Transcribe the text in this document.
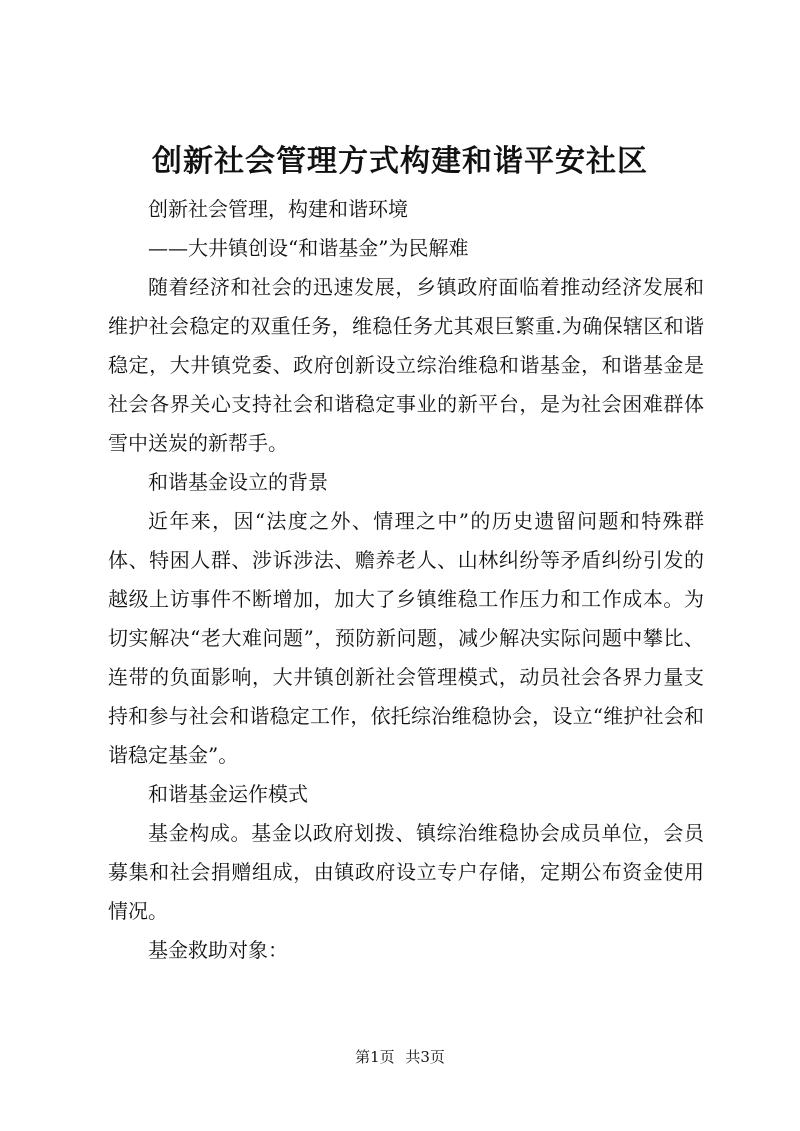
创新社会管理方式构建和谐平安社区

创新社会管理，构建和谐环境

——大井镇创设“和谐基金”为民解难

随着经济和社会的迅速发展，乡镇政府面临着推动经济发展和维护社会稳定的双重任务，维稳任务尤其艰巨繁重.为确保辖区和谐稳定，大井镇党委、政府创新设立综治维稳和谐基金，和谐基金是社会各界关心支持社会和谐稳定事业的新平台，是为社会困难群体雪中送炭的新帮手。

和谐基金设立的背景

近年来，因“法度之外、情理之中”的历史遗留问题和特殊群体、特困人群、涉诉涉法、赡养老人、山林纠纷等矛盾纠纷引发的越级上访事件不断增加，加大了乡镇维稳工作压力和工作成本。为切实解决“老大难问题”，预防新问题，减少解决实际问题中攀比、连带的负面影响，大井镇创新社会管理模式，动员社会各界力量支持和参与社会和谐稳定工作，依托综治维稳协会，设立“维护社会和谐稳定基金”。

和谐基金运作模式

基金构成。基金以政府划拨、镇综治维稳协会成员单位，会员募集和社会捐赠组成，由镇政府设立专户存储，定期公布资金使用情况。

基金救助对象：

第1页 共3页
